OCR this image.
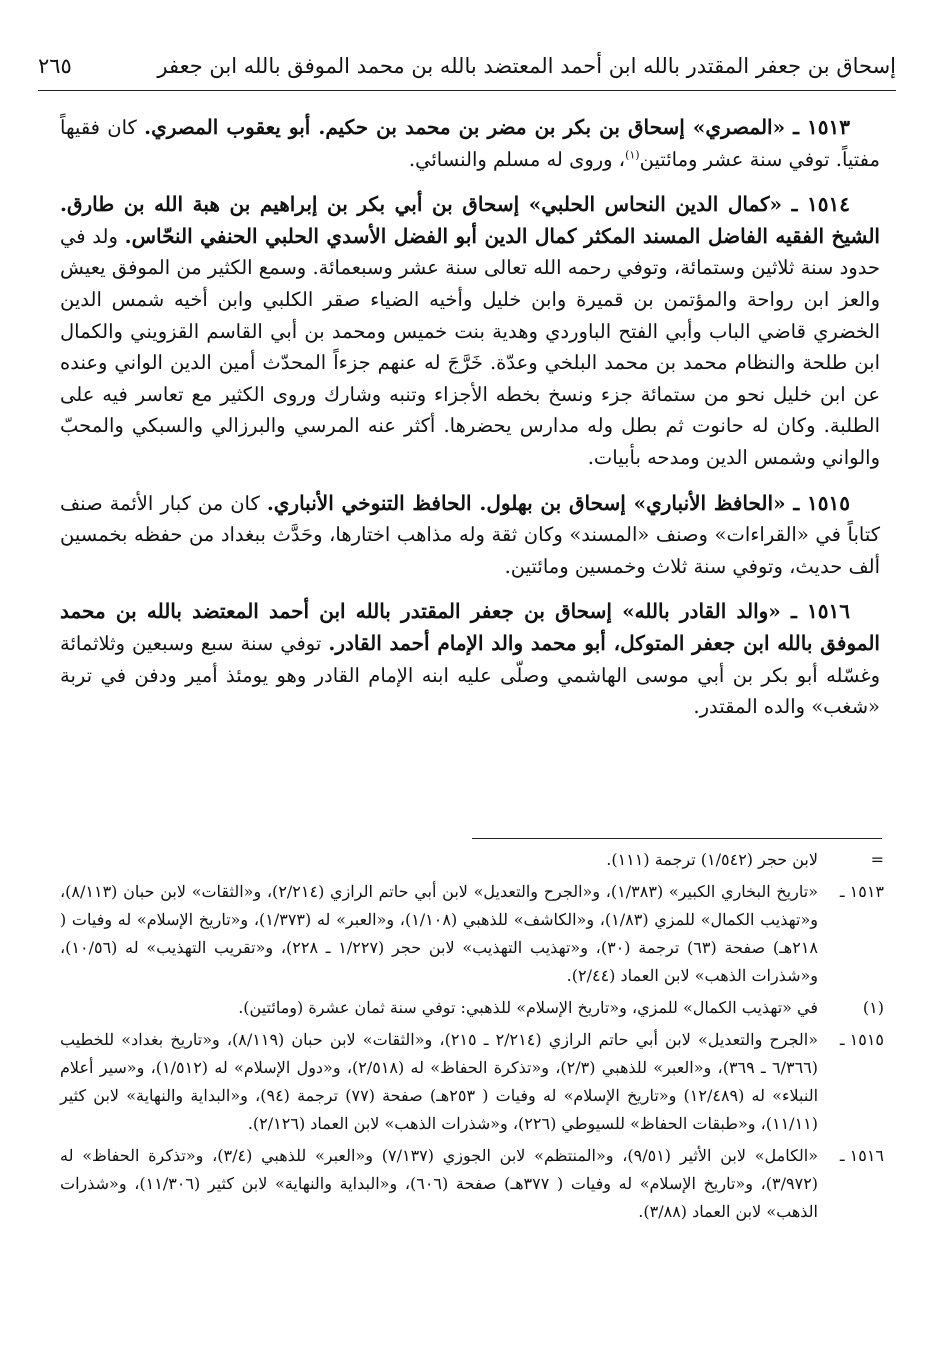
إسحاق بن جعفر المقتدر بالله ابن أحمد المعتضد بالله بن محمد الموفق بالله ابن جعفر
٢٦٥

١٥١٣ ـ «المصري» إسحاق بن بكر بن مضر بن محمد بن حكيم. أبو يعقوب المصري. كان فقيهاً مفتياً. توفي سنة عشر ومائتين$^{(١)}$، وروى له مسلم والنسائي.

١٥١٤ ـ «كمال الدين النحاس الحلبي» إسحاق بن أبي بكر بن إبراهيم بن هبة الله بن طارق. الشيخ الفقيه الفاضل المسند المكثر كمال الدين أبو الفضل الأسدي الحلبي الحنفي النحّاس. ولد في حدود سنة ثلاثين وستمائة، وتوفي رحمه الله تعالى سنة عشر وسبعمائة. وسمع الكثير من الموفق يعيش والعز ابن رواحة والمؤتمن بن قميرة وابن خليل وأخيه الضياء صقر الكلبي وابن أخيه شمس الدين الخضري قاضي الباب وأبي الفتح الباوردي وهدية بنت خميس ومحمد بن أبي القاسم القزويني والكمال ابن طلحة والنظام محمد بن محمد البلخي وعدّة. خَرَّجَ له عنهم جزءاً المحدّث أمين الدين الواني وعنده عن ابن خليل نحو من ستمائة جزء ونسخ بخطه الأجزاء وتنبه وشارك وروى الكثير مع تعاسر فيه على الطلبة. وكان له حانوت ثم بطل وله مدارس يحضرها. أكثر عنه المرسي والبرزالي والسبكي والمحبّ والواني وشمس الدين ومدحه بأبيات.

١٥١٥ ـ «الحافظ الأنباري» إسحاق بن بهلول. الحافظ التنوخي الأنباري. كان من كبار الأئمة صنف كتاباً في «القراءات» وصنف «المسند» وكان ثقة وله مذاهب اختارها، وحَدَّث ببغداد من حفظه بخمسين ألف حديث، وتوفي سنة ثلاث وخمسين ومائتين.

١٥١٦ ـ «والد القادر بالله» إسحاق بن جعفر المقتدر بالله ابن أحمد المعتضد بالله بن محمد الموفق بالله ابن جعفر المتوكل، أبو محمد والد الإمام أحمد القادر. توفي سنة سبع وسبعين وثلاثمائة وغسّله أبو بكر بن أبي موسى الهاشمي وصلّى عليه ابنه الإمام القادر وهو يومئذ أمير ودفن في تربة «شغب» والده المقتدر.

=
لابن حجر (١/٥٤٢) ترجمة (١١١).
١٥١٣ ـ
«تاريخ البخاري الكبير» (١/٣٨٣)، و«الجرح والتعديل» لابن أبي حاتم الرازي (٢/٢١٤)، و«الثقات» لابن حبان (٨/١١٣)، و«تهذيب الكمال» للمزي (١/٨٣)، و«الكاشف» للذهبي (١/١٠٨)، و«العبر» له (١/٣٧٣)، و«تاريخ الإسلام» له وفيات ( ٢١٨هـ) صفحة (٦٣) ترجمة (٣٠)، و«تهذيب التهذيب» لابن حجر (١/٢٢٧ ـ ٢٢٨)، و«تقريب التهذيب» له (١٠/٥٦)، و«شذرات الذهب» لابن العماد (٢/٤٤).
(١)
في «تهذيب الكمال» للمزي، و«تاريخ الإسلام» للذهبي: توفي سنة ثمان عشرة (ومائتين).
١٥١٥ ـ
«الجرح والتعديل» لابن أبي حاتم الرازي (٢/٢١٤ ـ ٢١٥)، و«الثقات» لابن حبان (٨/١١٩)، و«تاريخ بغداد» للخطيب (٦/٣٦٦ ـ ٣٦٩)، و«العبر» للذهبي (٢/٣)، و«تذكرة الحفاظ» له (٢/٥١٨)، و«دول الإسلام» له (١/٥١٢)، و«سير أعلام النبلاء» له (١٢/٤٨٩) و«تاريخ الإسلام» له وفيات ( ٢٥٣هـ) صفحة (٧٧) ترجمة (٩٤)، و«البداية والنهاية» لابن كثير (١١/١١)، و«طبقات الحفاظ» للسيوطي (٢٢٦)، و«شذرات الذهب» لابن العماد (٢/١٢٦).
١٥١٦ ـ
«الكامل» لابن الأثير (٩/٥١)، و«المنتظم» لابن الجوزي (٧/١٣٧) و«العبر» للذهبي (٣/٤)، و«تذكرة الحفاظ» له (٣/٩٧٢)، و«تاريخ الإسلام» له وفيات ( ٣٧٧هـ) صفحة (٦٠٦)، و«البداية والنهاية» لابن كثير (١١/٣٠٦)، و«شذرات الذهب» لابن العماد (٣/٨٨).
